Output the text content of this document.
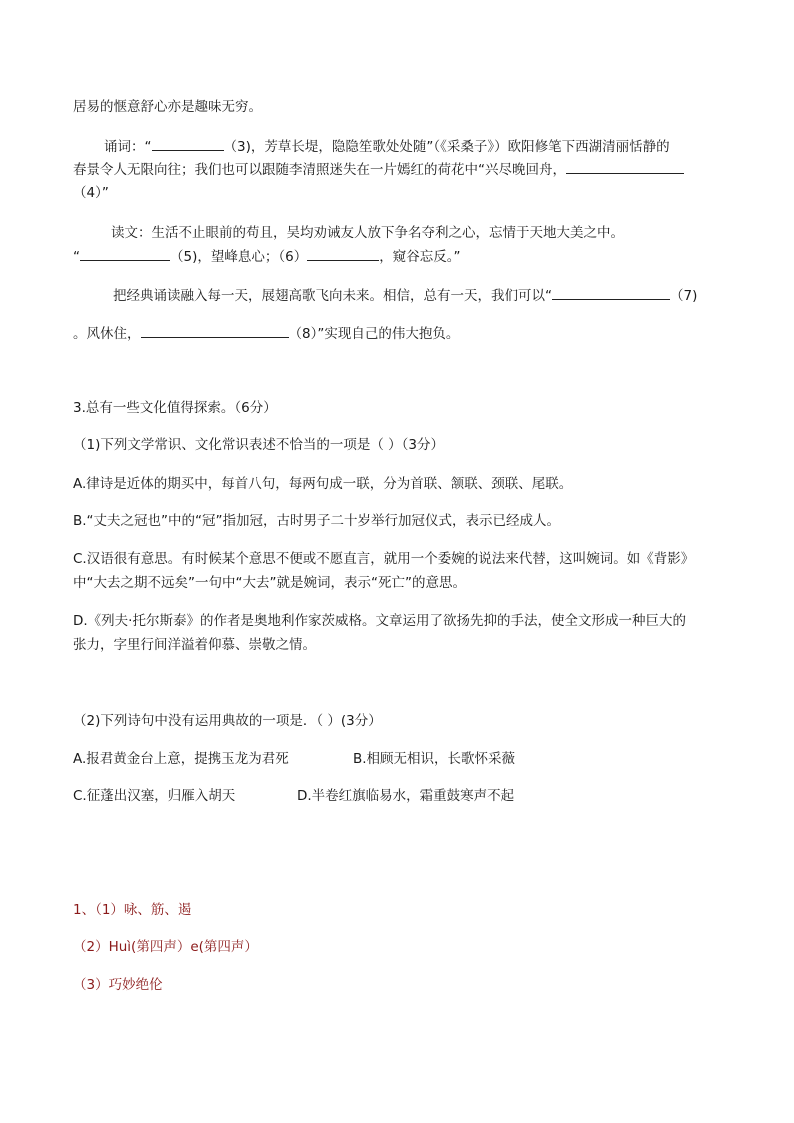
居易的惬意舒心亦是趣味无穷。
诵词：“	（3)，芳草长堤，隐隐笙歌处处随”（《采桑子》）欧阳修笔下西湖清丽恬静的
春景令人无限向往；我们也可以跟随李清照迷失在一片嫣红的荷花中“兴尽晚回舟，
（4）”
读文：生活不止眼前的苟且，吴均劝诫友人放下争名夺利之心，忘情于天地大美之中。
“	（5)，望峰息心；（6）	，窥谷忘反。”
把经典诵读融入每一天，展翅高歌飞向未来。相信，总有一天，我们可以“	（7)
。风休住，	（8）”实现自己的伟大抱负。
3.总有一些文化值得探索。（6分）
（1)下列文学常识、文化常识表述不恰当的一项是（ ）（3分）
A.律诗是近体的期买中，每首八句，每两句成一联，分为首联、颔联、颈联、尾联。
B.“丈夫之冠也”中的“冠”指加冠，古时男子二十岁举行加冠仪式，表示已经成人。
C.汉语很有意思。有时候某个意思不便或不愿直言，就用一个委婉的说法来代替，这叫婉词。如《背影》
中“大去之期不远矣”一句中“大去”就是婉词，表示“死亡”的意思。
D.《列夫·托尔斯泰》的作者是奥地利作家茨威格。文章运用了欲扬先抑的手法，使全文形成一种巨大的
张力，字里行间洋溢着仰慕、崇敬之情。
（2)下列诗句中没有运用典故的一项是．（ ）(3分）
A.报君黄金台上意，提携玉龙为君死	B.相顾无相识，长歌怀采薇
C.征蓬出汉塞，归雁入胡天	D.半卷红旗临易水，霜重鼓寒声不起
1、（1）咏、筋、遏
（2）Huì(第四声）e(第四声）
（3）巧妙绝伦
